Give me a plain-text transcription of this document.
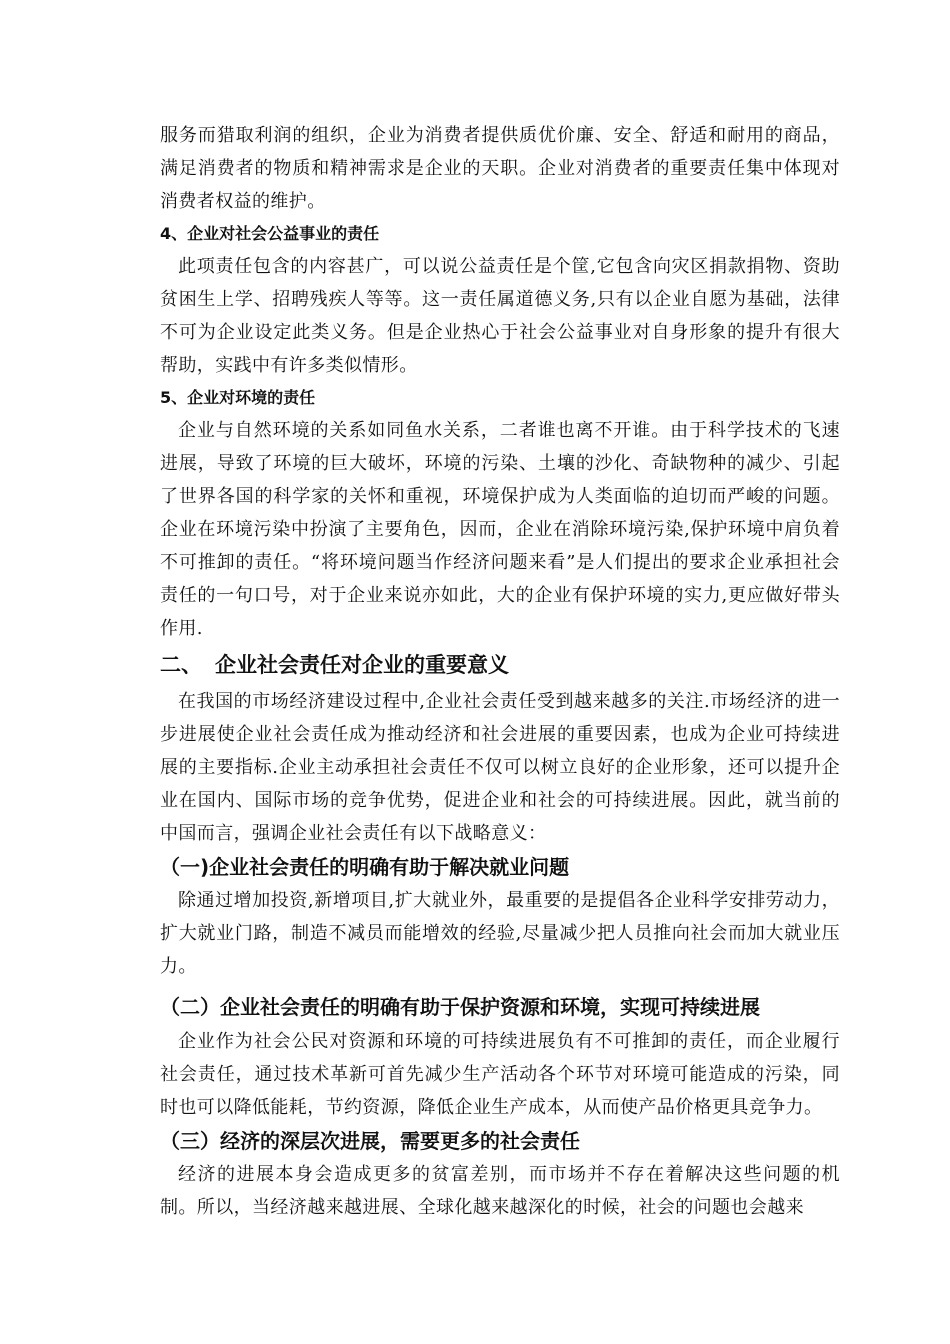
服务而猎取利润的组织，企业为消费者提供质优价廉、安全、舒适和耐用的商品，满足消费者的物质和精神需求是企业的天职。企业对消费者的重要责任集中体现对消费者权益的维护。

4、企业对社会公益事业的责任

此项责任包含的内容甚广，可以说公益责任是个筐,它包含向灾区捐款捐物、资助贫困生上学、招聘残疾人等等。这一责任属道德义务,只有以企业自愿为基础，法律不可为企业设定此类义务。但是企业热心于社会公益事业对自身形象的提升有很大帮助，实践中有许多类似情形。

5、企业对环境的责任

企业与自然环境的关系如同鱼水关系，二者谁也离不开谁。由于科学技术的飞速进展，导致了环境的巨大破坏，环境的污染、土壤的沙化、奇缺物种的减少、引起了世界各国的科学家的关怀和重视，环境保护成为人类面临的迫切而严峻的问题。企业在环境污染中扮演了主要角色，因而，企业在消除环境污染,保护环境中肩负着不可推卸的责任。“将环境问题当作经济问题来看”是人们提出的要求企业承担社会责任的一句口号，对于企业来说亦如此，大的企业有保护环境的实力,更应做好带头作用.

二、 企业社会责任对企业的重要意义

在我国的市场经济建设过程中,企业社会责任受到越来越多的关注.市场经济的进一步进展使企业社会责任成为推动经济和社会进展的重要因素，也成为企业可持续进展的主要指标.企业主动承担社会责任不仅可以树立良好的企业形象，还可以提升企业在国内、国际市场的竞争优势，促进企业和社会的可持续进展。因此，就当前的中国而言，强调企业社会责任有以下战略意义：

（一)企业社会责任的明确有助于解决就业问题

除通过增加投资,新增项目,扩大就业外，最重要的是提倡各企业科学安排劳动力，扩大就业门路，制造不减员而能增效的经验,尽量减少把人员推向社会而加大就业压力。

（二）企业社会责任的明确有助于保护资源和环境，实现可持续进展

企业作为社会公民对资源和环境的可持续进展负有不可推卸的责任，而企业履行社会责任，通过技术革新可首先减少生产活动各个环节对环境可能造成的污染，同时也可以降低能耗，节约资源，降低企业生产成本，从而使产品价格更具竞争力。

（三）经济的深层次进展，需要更多的社会责任

经济的进展本身会造成更多的贫富差别，而市场并不存在着解决这些问题的机制。所以，当经济越来越进展、全球化越来越深化的时候，社会的问题也会越来
